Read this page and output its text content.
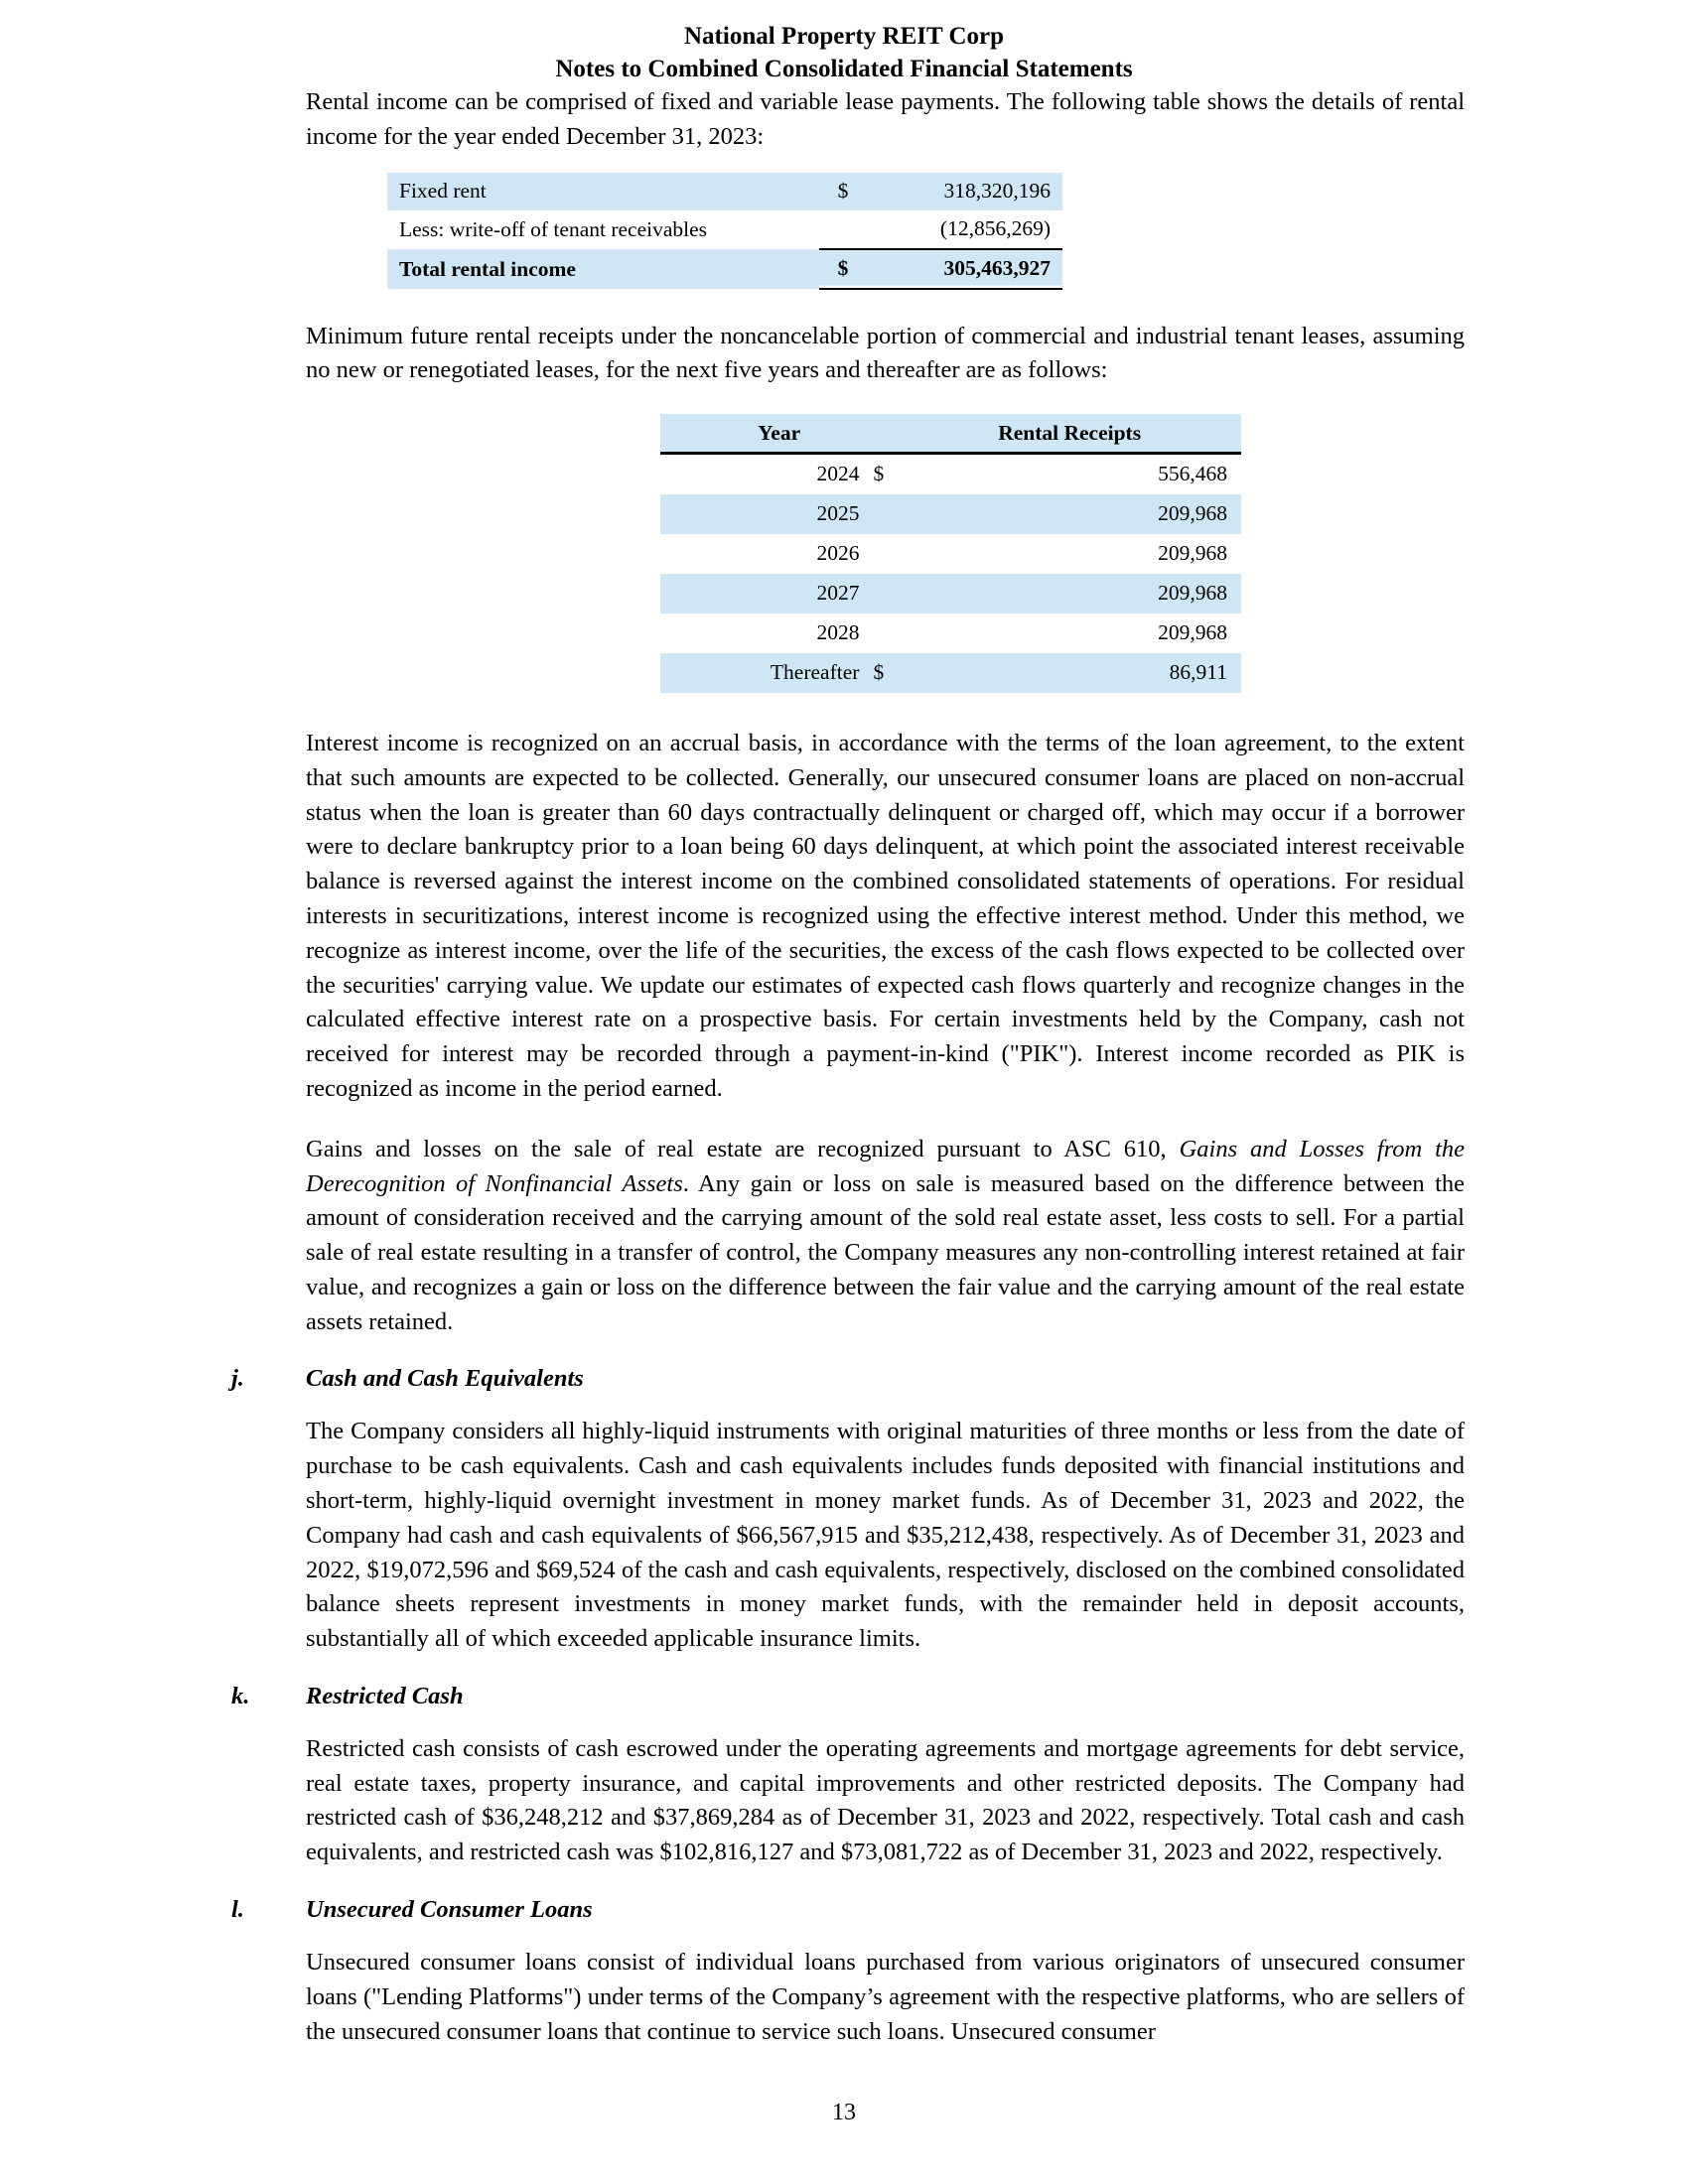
National Property REIT Corp
Notes to Combined Consolidated Financial Statements

Rental income can be comprised of fixed and variable lease payments. The following table shows the details of rental income for the year ended December 31, 2023:

Fixed rent	$	318,320,196
Less: write-off of tenant receivables		(12,856,269)
Total rental income	$	305,463,927

Minimum future rental receipts under the noncancelable portion of commercial and industrial tenant leases, assuming no new or renegotiated leases, for the next five years and thereafter are as follows:

Year		Rental Receipts

2024	$	556,468
2025		209,968
2026		209,968
2027		209,968
2028		209,968
Thereafter	$	86,911

Interest income is recognized on an accrual basis, in accordance with the terms of the loan agreement, to the extent that such amounts are expected to be collected. Generally, our unsecured consumer loans are placed on non-accrual status when the loan is greater than 60 days contractually delinquent or charged off, which may occur if a borrower were to declare bankruptcy prior to a loan being 60 days delinquent, at which point the associated interest receivable balance is reversed against the interest income on the combined consolidated statements of operations. For residual interests in securitizations, interest income is recognized using the effective interest method. Under this method, we recognize as interest income, over the life of the securities, the excess of the cash flows expected to be collected over the securities' carrying value. We update our estimates of expected cash flows quarterly and recognize changes in the calculated effective interest rate on a prospective basis. For certain investments held by the Company, cash not received for interest may be recorded through a payment-in-kind ("PIK"). Interest income recorded as PIK is recognized as income in the period earned.

Gains and losses on the sale of real estate are recognized pursuant to ASC 610, Gains and Losses from the Derecognition of Nonfinancial Assets. Any gain or loss on sale is measured based on the difference between the amount of consideration received and the carrying amount of the sold real estate asset, less costs to sell. For a partial sale of real estate resulting in a transfer of control, the Company measures any non-controlling interest retained at fair value, and recognizes a gain or loss on the difference between the fair value and the carrying amount of the real estate assets retained.

j.	Cash and Cash Equivalents

The Company considers all highly-liquid instruments with original maturities of three months or less from the date of purchase to be cash equivalents. Cash and cash equivalents includes funds deposited with financial institutions and short-term, highly-liquid overnight investment in money market funds. As of December 31, 2023 and 2022, the Company had cash and cash equivalents of $66,567,915 and $35,212,438, respectively. As of December 31, 2023 and 2022, $19,072,596 and $69,524 of the cash and cash equivalents, respectively, disclosed on the combined consolidated balance sheets represent investments in money market funds, with the remainder held in deposit accounts, substantially all of which exceeded applicable insurance limits.

k.	Restricted Cash

Restricted cash consists of cash escrowed under the operating agreements and mortgage agreements for debt service, real estate taxes, property insurance, and capital improvements and other restricted deposits. The Company had restricted cash of $36,248,212 and $37,869,284 as of December 31, 2023 and 2022, respectively. Total cash and cash equivalents, and restricted cash was $102,816,127 and $73,081,722 as of December 31, 2023 and 2022, respectively.

l.	Unsecured Consumer Loans

Unsecured consumer loans consist of individual loans purchased from various originators of unsecured consumer loans ("Lending Platforms") under terms of the Company’s agreement with the respective platforms, who are sellers of the unsecured consumer loans that continue to service such loans. Unsecured consumer

13
